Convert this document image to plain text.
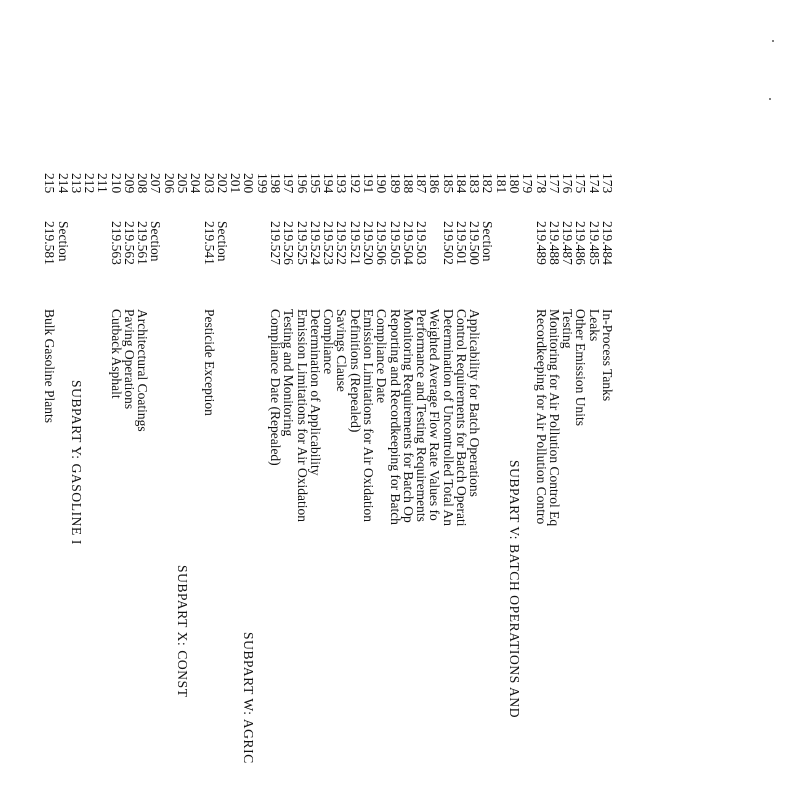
173
219.484
In-Process Tanks
174
219.485
Leaks
175
219.486
Other Emission Units
176
219.487
Testing
177
219.488
Monitoring for Air Pollution Control Eq
178
219.489
Recordkeeping for Air Pollution Contro
179
180
SUBPART V: BATCH OPERATIONS AND
181
182
Section
183
219.500
Applicability for Batch Operations
184
219.501
Control Requirements for Batch Operati
185
219.502
Determination of Uncontrolled Total An
186
Weighted Average Flow Rate Values fo
187
219.503
Performance and Testing Requirements
188
219.504
Monitoring Requirements for Batch Op
189
219.505
Reporting and Recordkeeping for Batch
190
219.506
Compliance Date
191
219.520
Emission Limitations for Air Oxidation
192
219.521
Definitions (Repealed)
193
219.522
Savings Clause
194
219.523
Compliance
195
219.524
Determination of Applicability
196
219.525
Emission Limitations for Air Oxidation
197
219.526
Testing and Monitoring
198
219.527
Compliance Date (Repealed)
199
200
SUBPART W: AGRIC
201
202
Section
203
219.541
Pesticide Exception
204
205
SUBPART X: CONST
206
207
Section
208
219.561
Architectural Coatings
209
219.562
Paving Operations
210
219.563
Cutback Asphalt
211
212
213
SUBPART Y: GASOLINE I
214
Section
215
219.581
Bulk Gasoline Plants
